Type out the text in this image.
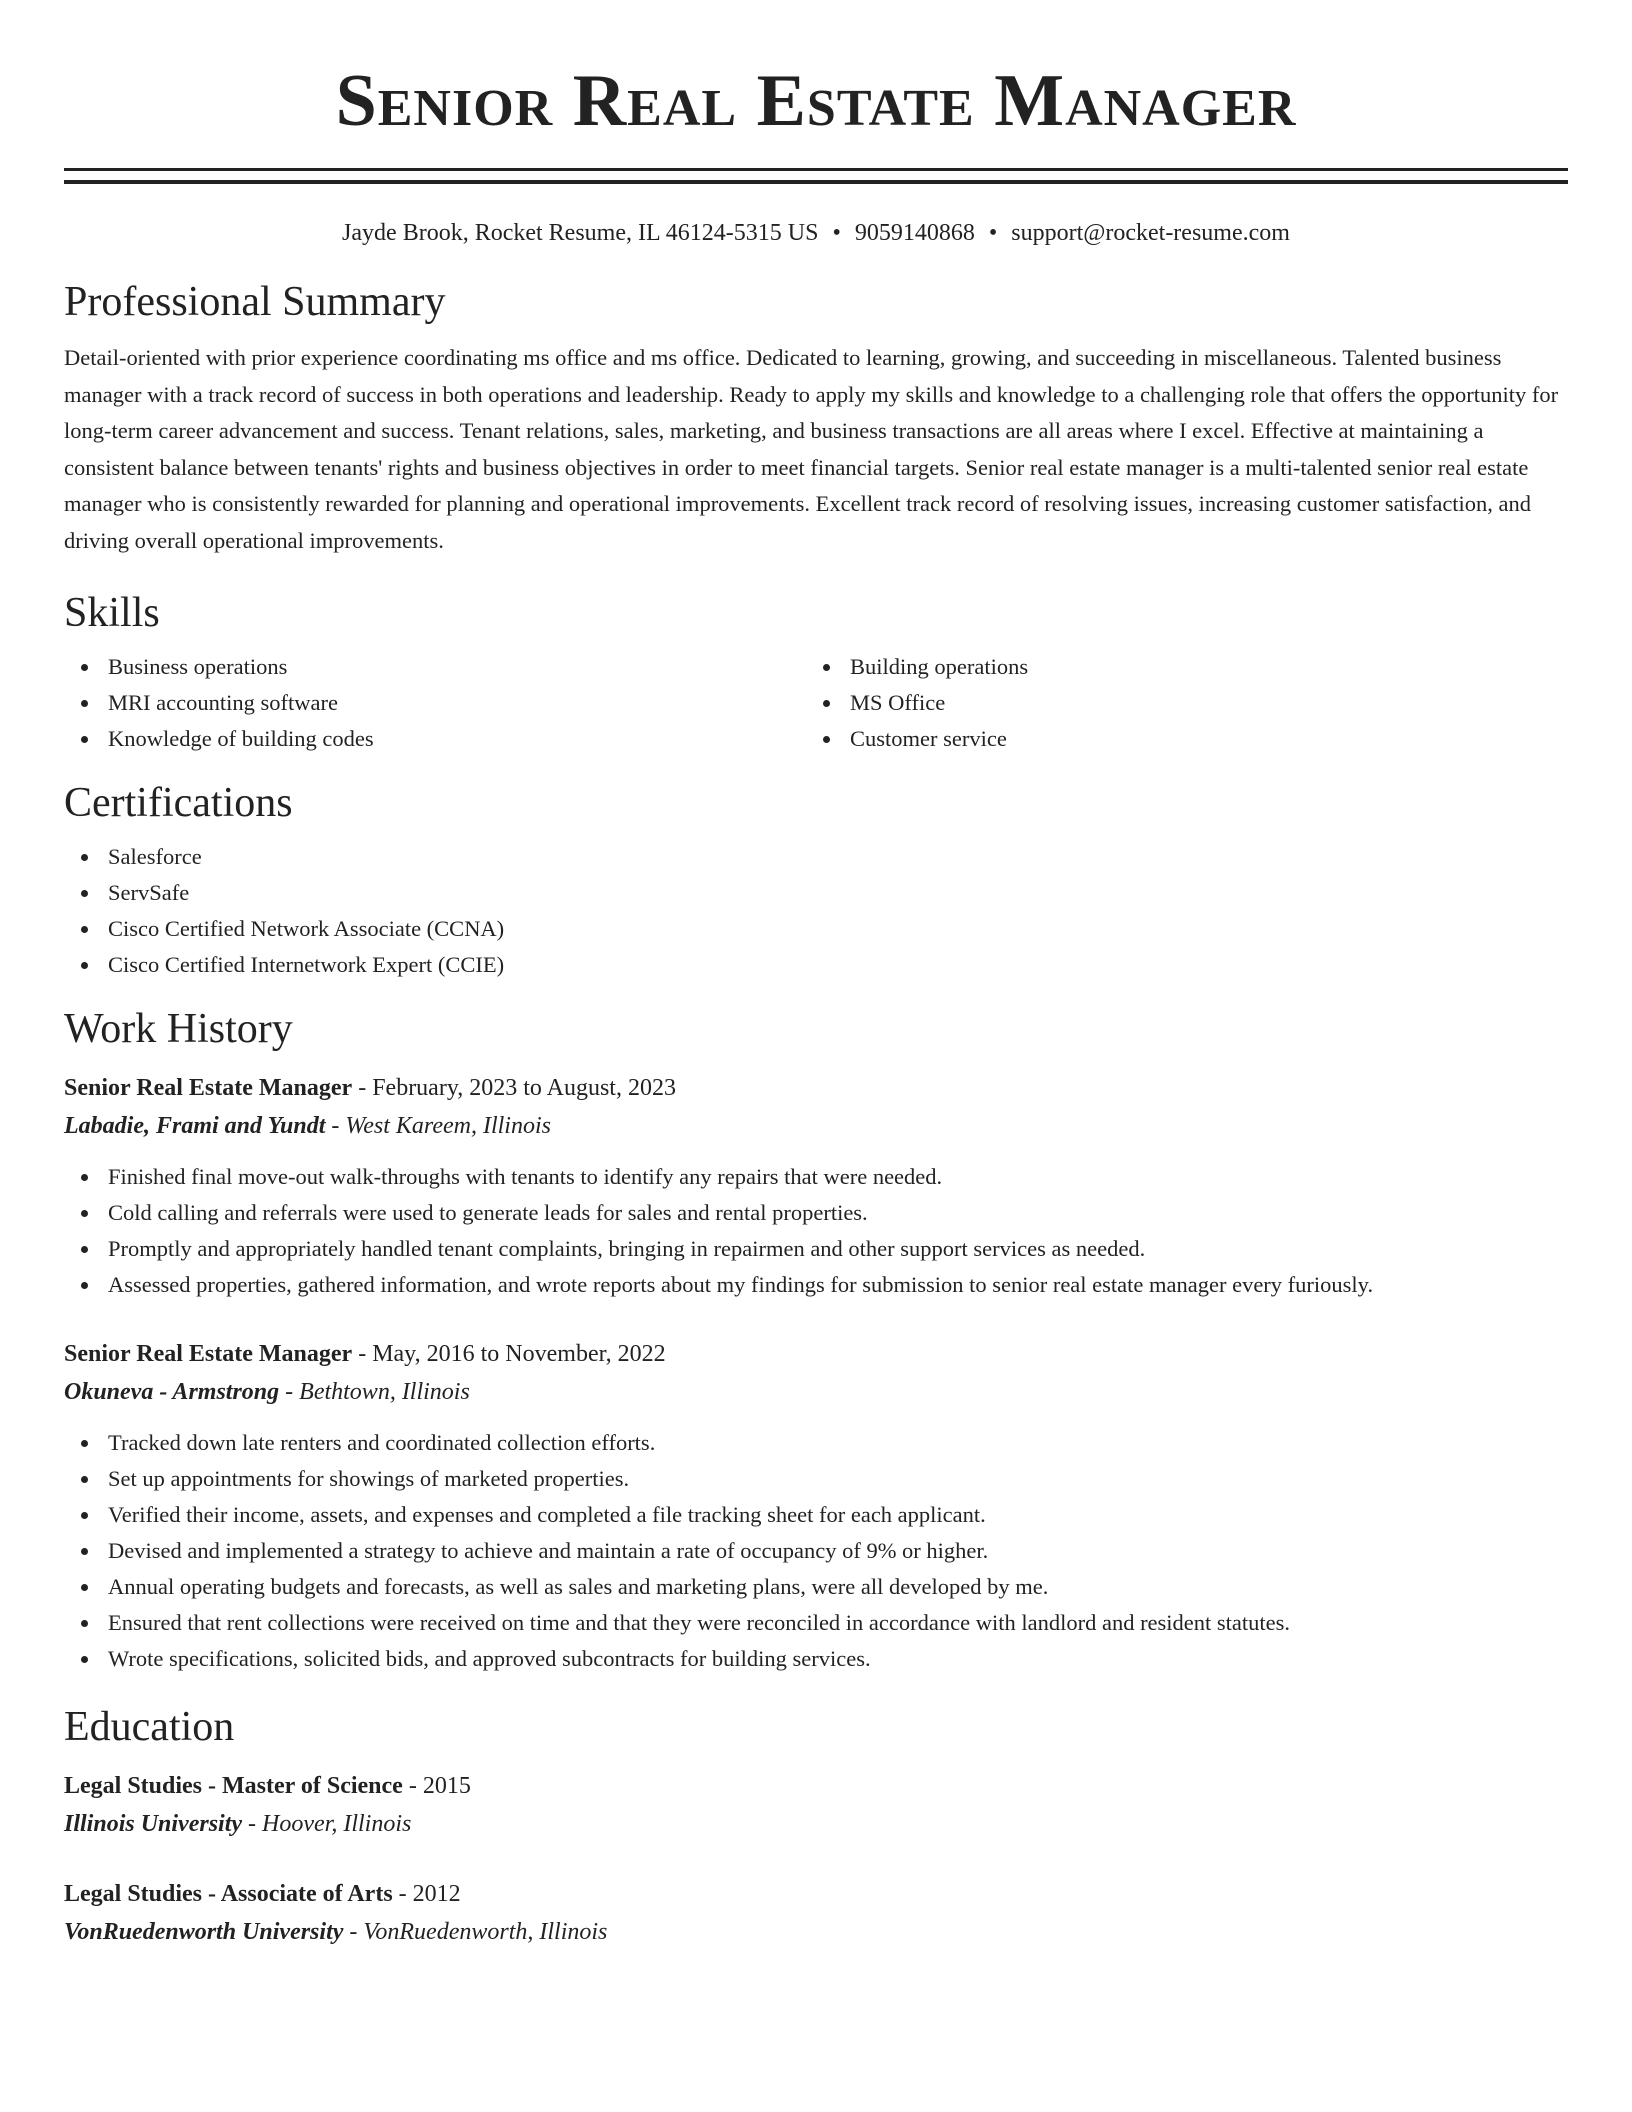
Senior Real Estate Manager
Jayde Brook, Rocket Resume, IL 46124-5315 US • 9059140868 • support@rocket-resume.com
Professional Summary

Detail-oriented with prior experience coordinating ms office and ms office. Dedicated to learning, growing, and succeeding in miscellaneous. Talented business manager with a track record of success in both operations and leadership. Ready to apply my skills and knowledge to a challenging role that offers the opportunity for long-term career advancement and success. Tenant relations, sales, marketing, and business transactions are all areas where I excel. Effective at maintaining a consistent balance between tenants' rights and business objectives in order to meet financial targets. Senior real estate manager is a multi-talented senior real estate manager who is consistently rewarded for planning and operational improvements. Excellent track record of resolving issues, increasing customer satisfaction, and driving overall operational improvements.

Skills
Business operations
MRI accounting software
Knowledge of building codes
Building operations
MS Office
Customer service
Certifications
Salesforce
ServSafe
Cisco Certified Network Associate (CCNA)
Cisco Certified Internetwork Expert (CCIE)
Work History
Senior Real Estate Manager - February, 2023 to August, 2023
Labadie, Frami and Yundt - West Kareem, Illinois
Finished final move-out walk-throughs with tenants to identify any repairs that were needed.
Cold calling and referrals were used to generate leads for sales and rental properties.
Promptly and appropriately handled tenant complaints, bringing in repairmen and other support services as needed.
Assessed properties, gathered information, and wrote reports about my findings for submission to senior real estate manager every furiously.
Senior Real Estate Manager - May, 2016 to November, 2022
Okuneva - Armstrong - Bethtown, Illinois
Tracked down late renters and coordinated collection efforts.
Set up appointments for showings of marketed properties.
Verified their income, assets, and expenses and completed a file tracking sheet for each applicant.
Devised and implemented a strategy to achieve and maintain a rate of occupancy of 9% or higher.
Annual operating budgets and forecasts, as well as sales and marketing plans, were all developed by me.
Ensured that rent collections were received on time and that they were reconciled in accordance with landlord and resident statutes.
Wrote specifications, solicited bids, and approved subcontracts for building services.
Education
Legal Studies - Master of Science - 2015
Illinois University - Hoover, Illinois
Legal Studies - Associate of Arts - 2012
VonRuedenworth University - VonRuedenworth, Illinois
